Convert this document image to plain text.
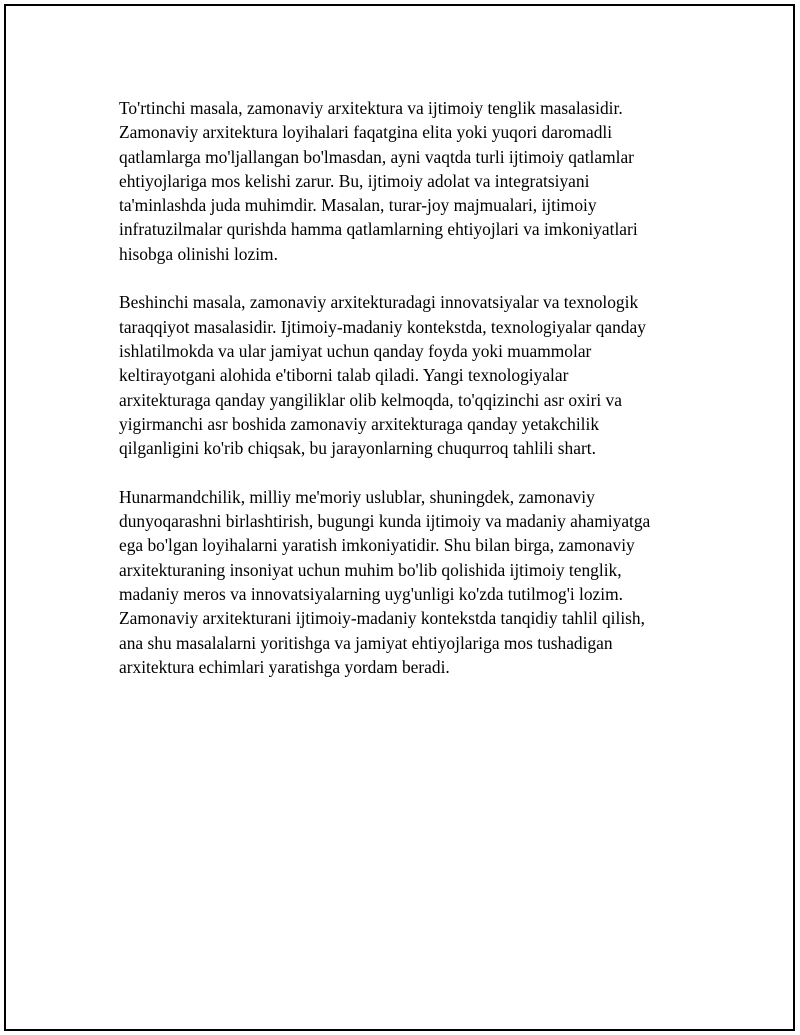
To'rtinchi masala, zamonaviy arxitektura va ijtimoiy tenglik masalasidir.
Zamonaviy arxitektura loyihalari faqatgina elita yoki yuqori daromadli
qatlamlarga mo'ljallangan bo'lmasdan, ayni vaqtda turli ijtimoiy qatlamlar
ehtiyojlariga mos kelishi zarur. Bu, ijtimoiy adolat va integratsiyani
ta'minlashda juda muhimdir. Masalan, turar-joy majmualari, ijtimoiy
infratuzilmalar qurishda hamma qatlamlarning ehtiyojlari va imkoniyatlari
hisobga olinishi lozim.

Beshinchi masala, zamonaviy arxitekturadagi innovatsiyalar va texnologik
taraqqiyot masalasidir. Ijtimoiy-madaniy kontekstda, texnologiyalar qanday
ishlatilmokda va ular jamiyat uchun qanday foyda yoki muammolar
keltirayotgani alohida e'tiborni talab qiladi. Yangi texnologiyalar
arxitekturaga qanday yangiliklar olib kelmoqda, to'qqizinchi asr oxiri va
yigirmanchi asr boshida zamonaviy arxitekturaga qanday yetakchilik
qilganligini ko'rib chiqsak, bu jarayonlarning chuqurroq tahlili shart.

Hunarmandchilik, milliy me'moriy uslublar, shuningdek, zamonaviy
dunyoqarashni birlashtirish, bugungi kunda ijtimoiy va madaniy ahamiyatga
ega bo'lgan loyihalarni yaratish imkoniyatidir. Shu bilan birga, zamonaviy
arxitekturaning insoniyat uchun muhim bo'lib qolishida ijtimoiy tenglik,
madaniy meros va innovatsiyalarning uyg'unligi ko'zda tutilmog'i lozim.
Zamonaviy arxitekturani ijtimoiy-madaniy kontekstda tanqidiy tahlil qilish,
ana shu masalalarni yoritishga va jamiyat ehtiyojlariga mos tushadigan
arxitektura echimlari yaratishga yordam beradi.
